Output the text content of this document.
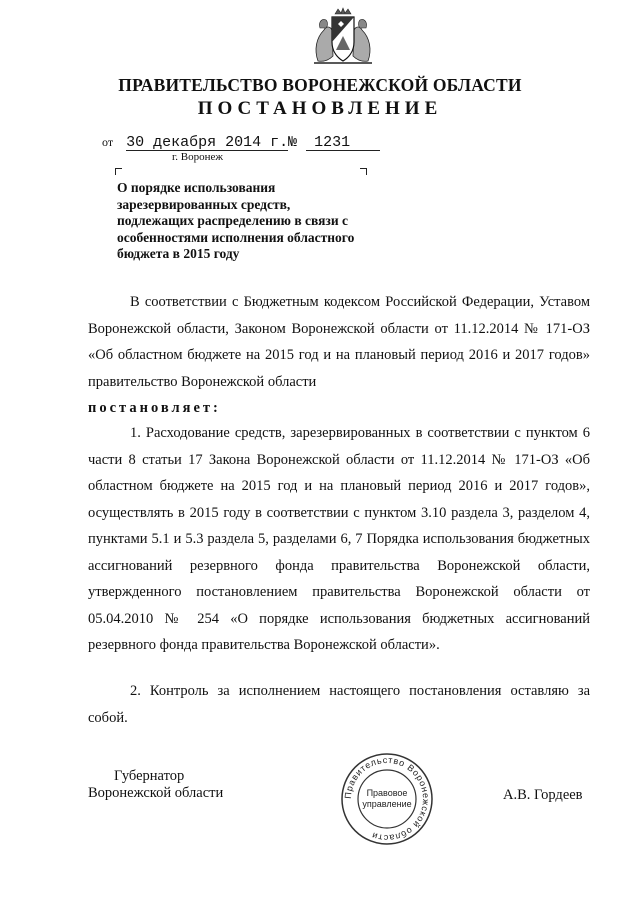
ПРАВИТЕЛЬСТВО ВОРОНЕЖСКОЙ ОБЛАСТИ
ПОСТАНОВЛЕНИЕ
от 30 декабря 2014 г.№ 1231
г. Воронеж
О порядке использования зарезервированных средств, подлежащих распределению в связи с особенностями исполнения областного бюджета в 2015 году
В соответствии с Бюджетным кодексом Российской Федерации, Уставом Воронежской области, Законом Воронежской области от 11.12.2014 № 171-ОЗ «Об областном бюджете на 2015 год и на плановый период 2016 и 2017 годов» правительство Воронежской области
постановляет:
1. Расходование средств, зарезервированных в соответствии с пунктом 6 части 8 статьи 17 Закона Воронежской области от 11.12.2014 № 171-ОЗ «Об областном бюджете на 2015 год и на плановый период 2016 и 2017 годов», осуществлять в 2015 году в соответствии с пунктом 3.10 раздела 3, разделом 4, пунктами 5.1 и 5.3 раздела 5, разделами 6, 7 Порядка использования бюджетных ассигнований резервного фонда правительства Воронежской области, утвержденного постановлением правительства Воронежской области от 05.04.2010 № 254 «О порядке использования бюджетных ассигнований резервного фонда правительства Воронежской области».
2. Контроль за исполнением настоящего постановления оставляю за собой.
Губернатор
Воронежской области	Правительство Воронежской области
Правовое
управление
А.В. Гордеев
